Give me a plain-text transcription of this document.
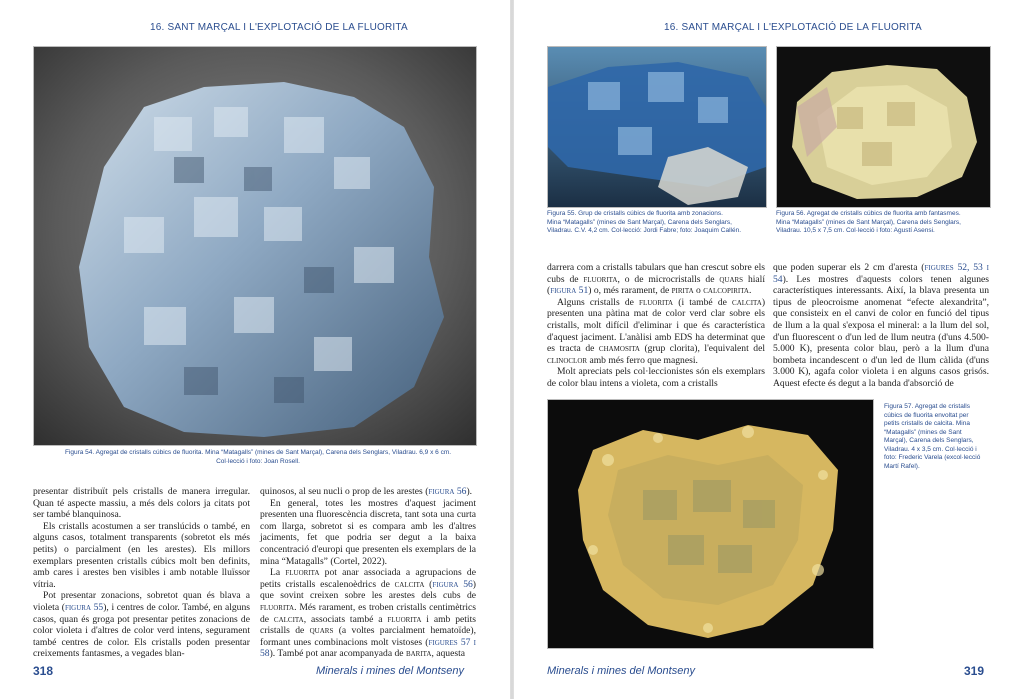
16. SANT MARÇAL I L'EXPLOTACIÓ DE LA FLUORITA
Figura 54. Agregat de cristalls cúbics de fluorita. Mina “Matagalls” (mines de Sant Marçal), Carena dels Senglars, Viladrau. 6,9 x 6 cm.
Col·lecció i foto: Joan Rosell.

presentar distribuït pels cristalls de manera irregular. Quan té aspecte massiu, a més dels colors ja citats pot ser també blanquinosa.

Els cristalls acostumen a ser translúcids o també, en alguns casos, totalment transparents (sobretot els més petits) o parcialment (en les arestes). Els millors exemplars presenten cristalls cúbics molt ben definits, amb cares i arestes ben visibles i amb notable lluïssor vítria.

Pot presentar zonacions, sobretot quan és blava a violeta (figura 55), i centres de color. També, en alguns casos, quan és groga pot presentar petites zonacions de color violeta i d'altres de color verd intens, segurament també centres de color. Els cristalls poden presentar creixements fantasmes, a vegades blan-

quinosos, al seu nucli o prop de les arestes (figura 56).

En general, totes les mostres d'aquest jaciment presenten una fluorescència discreta, tant sota una curta com llarga, sobretot si es compara amb les d'altres jaciments, fet que podria ser degut a la baixa concentració d'europi que presenten els exemplars de la mina “Matagalls” (Cortel, 2022).

La fluorita pot anar associada a agrupacions de petits cristalls escalenoèdrics de calcita (figura 56) que sovint creixen sobre les arestes dels cubs de fluorita. Més rarament, es troben cristalls centimètrics de calcita, associats també a fluorita i amb petits cristalls de quars (a voltes parcialment hematoïde), formant unes combinacions molt vistoses (figures 57 i 58). També pot anar acompanyada de barita, aquesta

318	Minerals i mines del Montseny
16. SANT MARÇAL I L'EXPLOTACIÓ DE LA FLUORITA
Figura 55. Grup de cristalls cúbics de fluorita amb zonacions.
Mina “Matagalls” (mines de Sant Marçal), Carena dels Senglars,
Viladrau. C.V. 4,2 cm. Col·lecció: Jordi Fabre; foto: Joaquim Callén.
Figura 56. Agregat de cristalls cúbics de fluorita amb fantasmes.
Mina “Matagalls” (mines de Sant Marçal), Carena dels Senglars,
Viladrau. 10,5 x 7,5 cm. Col·lecció i foto: Agustí Asensi.

darrera com a cristalls tabulars que han crescut sobre els cubs de fluorita, o de microcristalls de quars hialí (figura 51) o, més rarament, de pirita o calcopirita.

Alguns cristalls de fluorita (i també de calcita) presenten una pàtina mat de color verd clar sobre els cristalls, molt difícil d'eliminar i que és característica d'aquest jaciment. L'anàlisi amb EDS ha determinat que es tracta de chamosita (grup clorita), l'equivalent del clinoclor amb més ferro que magnesi.

Molt apreciats pels col·leccionistes són els exemplars de color blau intens a violeta, com a cristalls

que poden superar els 2 cm d'aresta (figures 52, 53 i 54). Les mostres d'aquests colors tenen algunes característiques interessants. Així, la blava presenta un tipus de pleocroisme anomenat “efecte alexandrita”, que consisteix en el canvi de color en funció del tipus de llum a la qual s'exposa el mineral: a la llum del sol, d'un fluorescent o d'un led de llum neutra (d'uns 4.500-5.000 K), presenta color blau, però a la llum d'una bombeta incandescent o d'un led de llum càlida (d'uns 3.000 K), agafa color violeta i en alguns casos grisós. Aquest efecte és degut a la banda d'absorció de

Figura 57. Agregat de cristalls
cúbics de fluorita envoltat per
petits cristalls de calcita. Mina
“Matagalls” (mines de Sant
Marçal), Carena dels Senglars,
Viladrau. 4 x 3,5 cm. Col·lecció i
foto: Frederic Varela (excol·lecció
Martí Rafel).
Minerals i mines del Montseny	319
